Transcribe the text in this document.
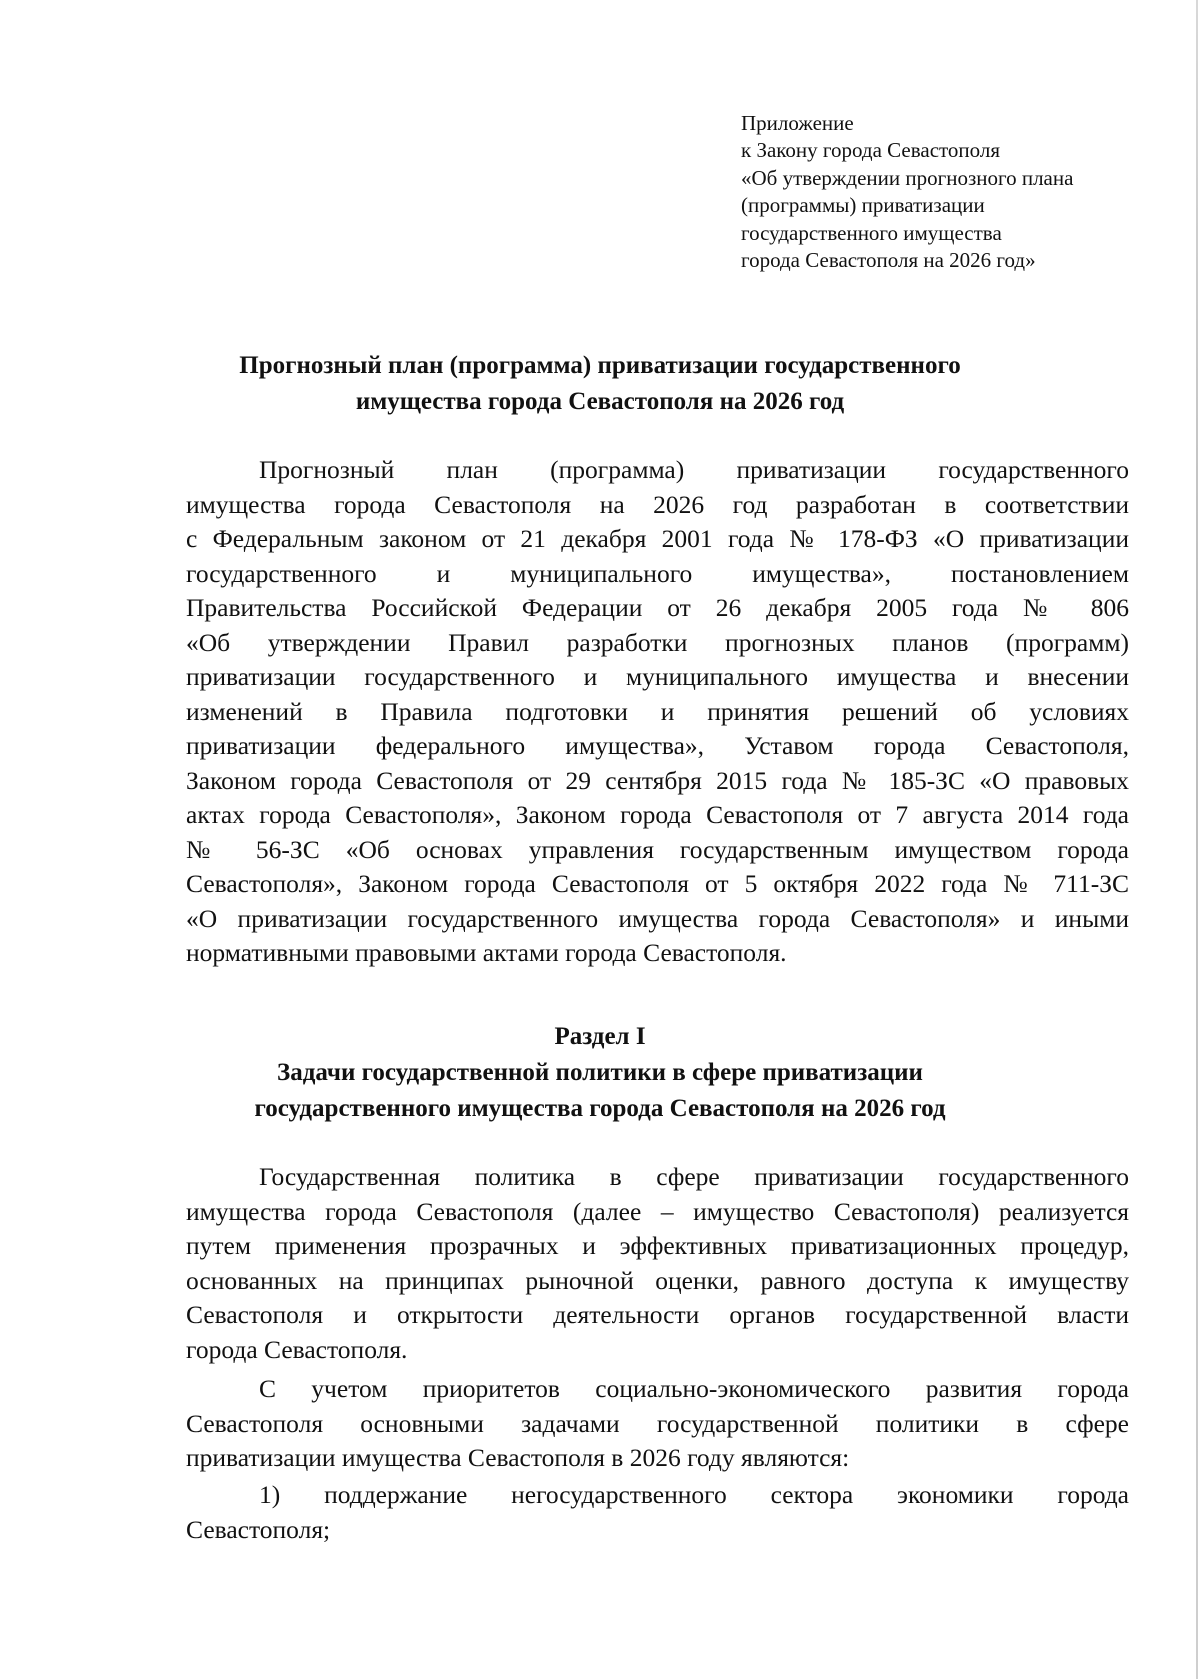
Приложение
к Закону города Севастополя
«Об утверждении прогнозного плана
(программы) приватизации
государственного имущества
города Севастополя на 2026 год»
Прогнозный план (программа) приватизации государственного
имущества города Севастополя на 2026 год
Прогнозный план (программа) приватизации государственного
имущества города Севастополя на 2026 год разработан в соответствии
с Федеральным законом от 21 декабря 2001 года № 178-ФЗ «О приватизации
государственного и муниципального имущества», постановлением
Правительства Российской Федерации от 26 декабря 2005 года № 806
«Об утверждении Правил разработки прогнозных планов (программ)
приватизации государственного и муниципального имущества и внесении
изменений в Правила подготовки и принятия решений об условиях
приватизации федерального имущества», Уставом города Севастополя,
Законом города Севастополя от 29 сентября 2015 года № 185-ЗС «О правовых
актах города Севастополя», Законом города Севастополя от 7 августа 2014 года
№ 56-ЗС «Об основах управления государственным имуществом города
Севастополя», Законом города Севастополя от 5 октября 2022 года № 711-ЗС
«О приватизации государственного имущества города Севастополя» и иными
нормативными правовыми актами города Севастополя.
Раздел I
Задачи государственной политики в сфере приватизации
государственного имущества города Севастополя на 2026 год
Государственная политика в сфере приватизации государственного
имущества города Севастополя (далее – имущество Севастополя) реализуется
путем применения прозрачных и эффективных приватизационных процедур,
основанных на принципах рыночной оценки, равного доступа к имуществу
Севастополя и открытости деятельности органов государственной власти
города Севастополя.
С учетом приоритетов социально-экономического развития города
Севастополя основными задачами государственной политики в сфере
приватизации имущества Севастополя в 2026 году являются:
1) поддержание негосударственного сектора экономики города
Севастополя;
